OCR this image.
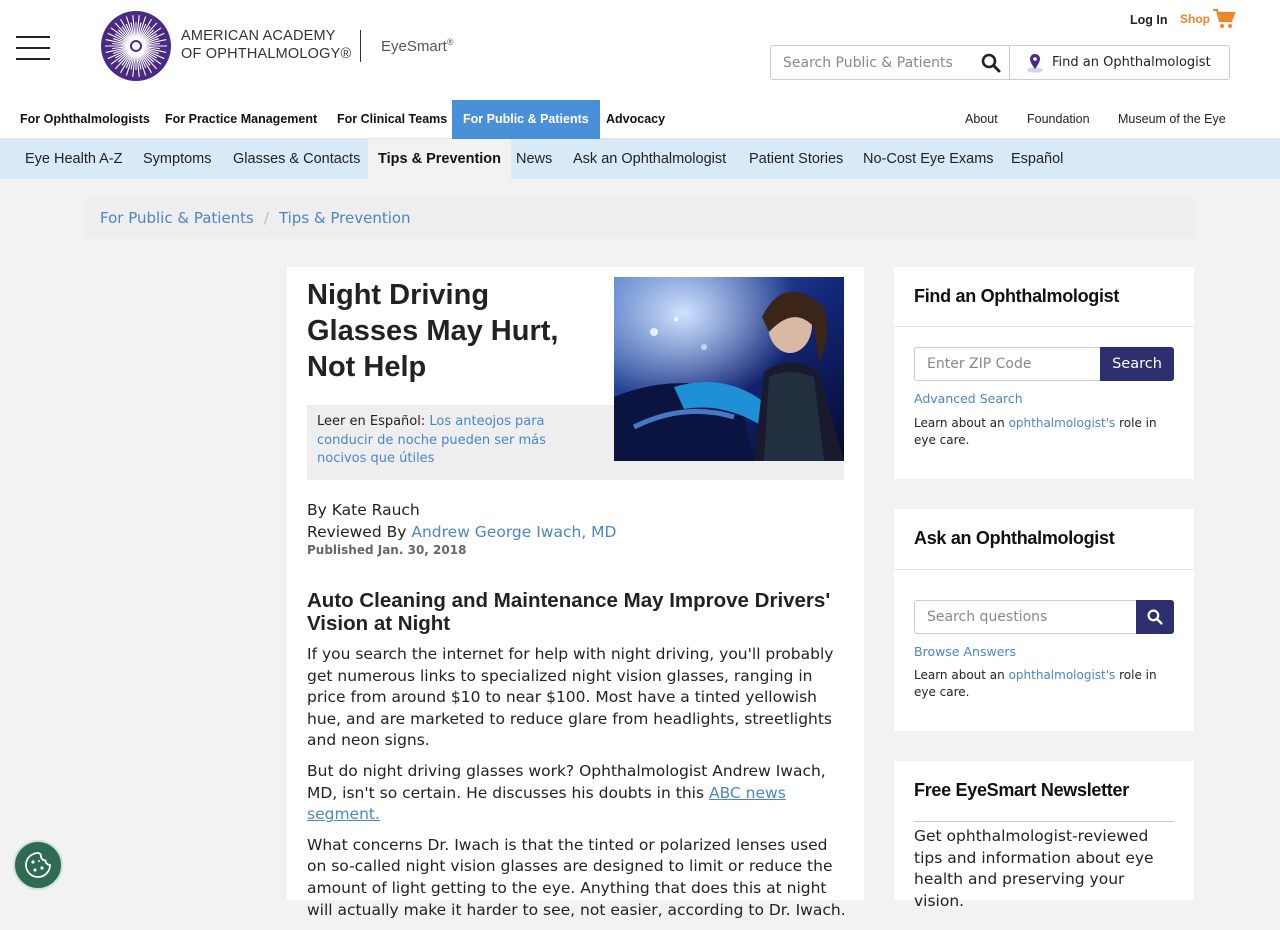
AMERICAN ACADEMY
OF OPHTHALMOLOGY® EyeSmart®
Log In Shop
Search Public & Patients
Find an Ophthalmologist
For Ophthalmologists	For Practice Management	For Clinical Teams	For Public & Patients	Advocacy	About Foundation Museum of the Eye
Eye Health A-Z	Symptoms	Glasses & Contacts	Tips & Prevention	News	Ask an Ophthalmologist	Patient Stories	No-Cost Eye Exams	Español
For Public & Patients / Tips & Prevention
Night Driving Glasses May Hurt, Not Help
Leer en Español: Los anteojos para conducir de noche pueden ser más nocivos que útiles
By Kate Rauch
Reviewed By Andrew George Iwach, MD
Published Jan. 30, 2018
Auto Cleaning and Maintenance May Improve Drivers' Vision at Night

If you search the internet for help with night driving, you'll probably get numerous links to specialized night vision glasses, ranging in price from around $10 to near $100. Most have a tinted yellowish hue, and are marketed to reduce glare from headlights, streetlights and neon signs.

But do night driving glasses work? Ophthalmologist Andrew Iwach, MD, isn't so certain. He discusses his doubts in this ABC news segment.

What concerns Dr. Iwach is that the tinted or polarized lenses used on so-called night vision glasses are designed to limit or reduce the amount of light getting to the eye. Anything that does this at night will actually make it harder to see, not easier, according to Dr. Iwach.

Find an Ophthalmologist
Enter ZIP Code
Search
Advanced Search
Learn about an ophthalmologist's role in eye care.
Ask an Ophthalmologist
Search questions
Browse Answers
Learn about an ophthalmologist's role in eye care.
Free EyeSmart Newsletter
Get ophthalmologist-reviewed tips and information about eye health and preserving your vision.
